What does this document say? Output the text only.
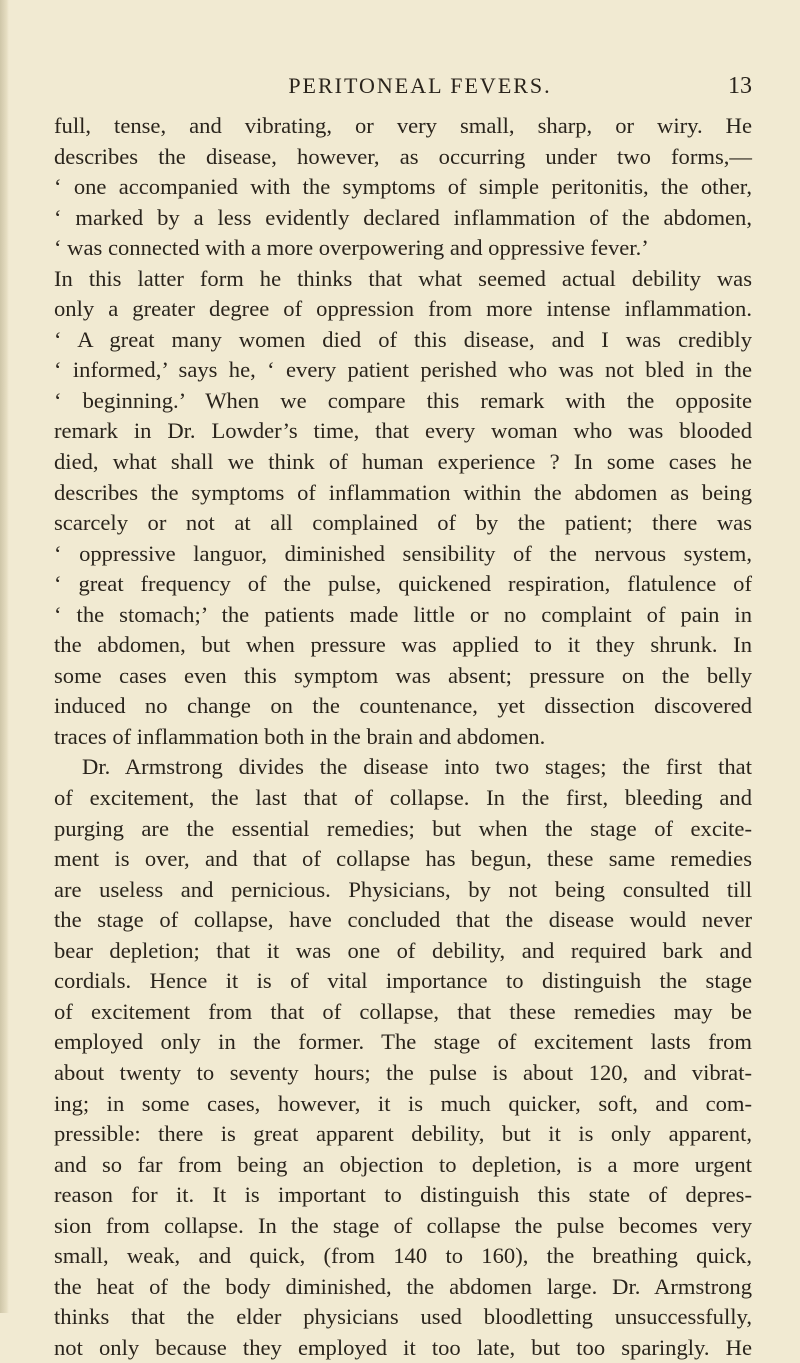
PERITONEAL FEVERS.	13
full, tense, and vibrating, or very small, sharp, or wiry. He
describes the disease, however, as occurring under two forms,—
‘ one accompanied with the symptoms of simple peritonitis, the other,
‘ marked by a less evidently declared inflammation of the abdomen,
‘ was connected with a more overpowering and oppressive fever.’
In this latter form he thinks that what seemed actual debility was
only a greater degree of oppression from more intense inflammation.
‘ A great many women died of this disease, and I was credibly
‘ informed,’ says he, ‘ every patient perished who was not bled in the
‘ beginning.’ When we compare this remark with the opposite
remark in Dr. Lowder’s time, that every woman who was blooded
died, what shall we think of human experience ? In some cases he
describes the symptoms of inflammation within the abdomen as being
scarcely or not at all complained of by the patient; there was
‘ oppressive languor, diminished sensibility of the nervous system,
‘ great frequency of the pulse, quickened respiration, flatulence of
‘ the stomach;’ the patients made little or no complaint of pain in
the abdomen, but when pressure was applied to it they shrunk. In
some cases even this symptom was absent; pressure on the belly
induced no change on the countenance, yet dissection discovered
traces of inflammation both in the brain and abdomen.
Dr. Armstrong divides the disease into two stages; the first that
of excitement, the last that of collapse. In the first, bleeding and
purging are the essential remedies; but when the stage of excite-
ment is over, and that of collapse has begun, these same remedies
are useless and pernicious. Physicians, by not being consulted till
the stage of collapse, have concluded that the disease would never
bear depletion; that it was one of debility, and required bark and
cordials. Hence it is of vital importance to distinguish the stage
of excitement from that of collapse, that these remedies may be
employed only in the former. The stage of excitement lasts from
about twenty to seventy hours; the pulse is about 120, and vibrat-
ing; in some cases, however, it is much quicker, soft, and com-
pressible: there is great apparent debility, but it is only apparent,
and so far from being an objection to depletion, is a more urgent
reason for it. It is important to distinguish this state of depres-
sion from collapse. In the stage of collapse the pulse becomes very
small, weak, and quick, (from 140 to 160), the breathing quick,
the heat of the body diminished, the abdomen large. Dr. Armstrong
thinks that the elder physicians used bloodletting unsuccessfully,
not only because they employed it too late, but too sparingly. He
